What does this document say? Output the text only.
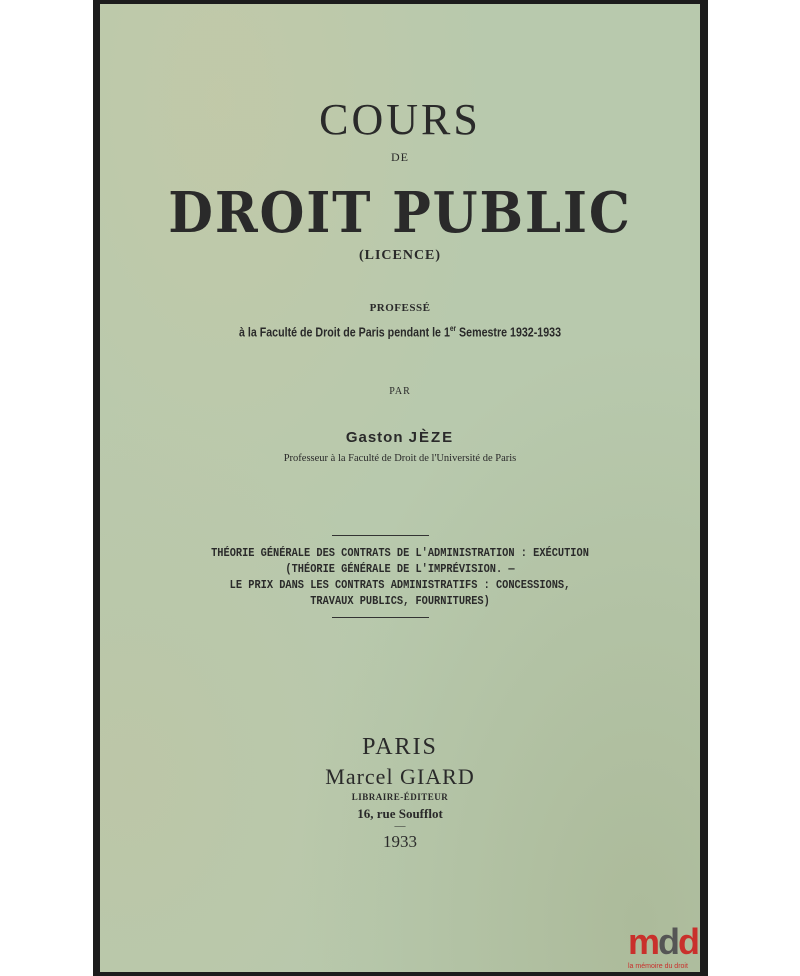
COURS
DE
DROIT PUBLIC
(LICENCE)
PROFESSÉ
à la Faculté de Droit de Paris pendant le 1er Semestre 1932-1933
PAR
Gaston JÈZE
Professeur à la Faculté de Droit de l'Université de Paris
THÉORIE GÉNÉRALE DES CONTRATS DE L'ADMINISTRATION : EXÉCUTION
(THÉORIE GÉNÉRALE DE L'IMPRÉVISION. —
LE PRIX DANS LES CONTRATS ADMINISTRATIFS : CONCESSIONS,
TRAVAUX PUBLICS, FOURNITURES)
PARIS
Marcel GIARD
LIBRAIRE-ÉDITEUR
16, rue Soufflot
—
1933
mdd
la mémoire du droit
